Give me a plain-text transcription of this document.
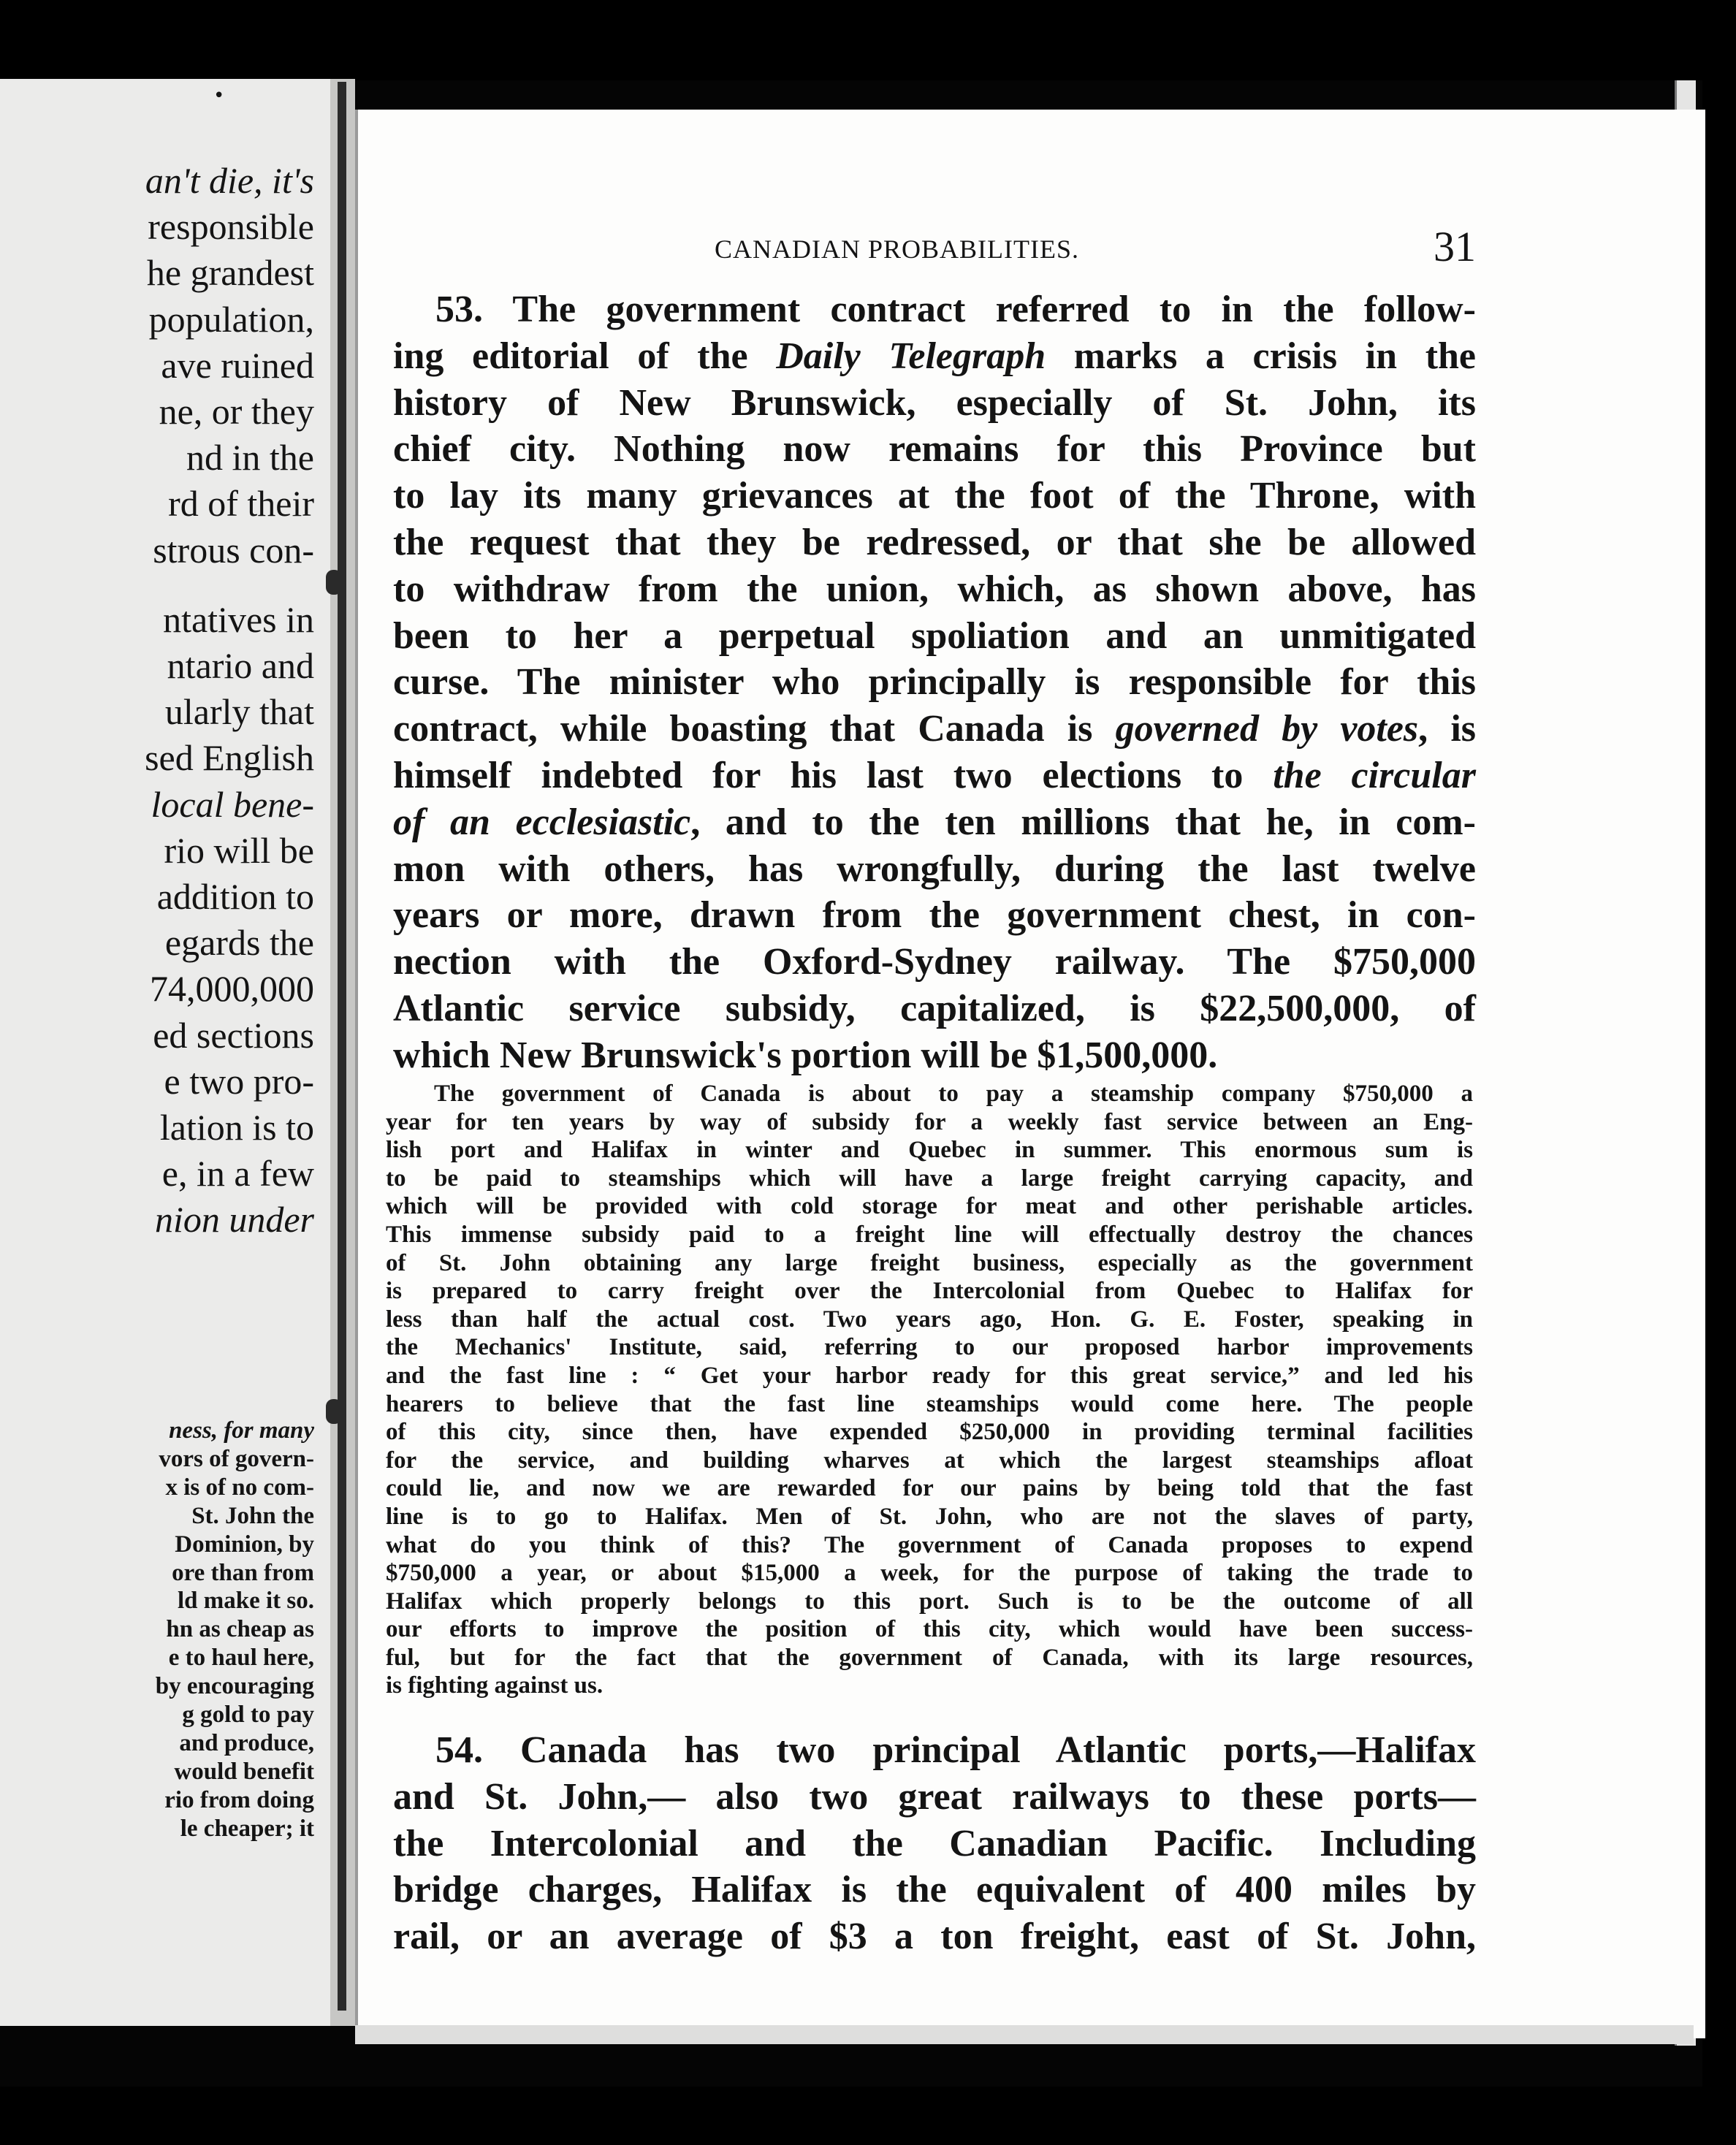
•
an't die, it's
responsible
he grandest
population,
ave ruined
ne, or they
nd in the
rd of their
strous con-
ntatives in
ntario and
ularly that
sed English
local bene-
rio will be
addition to
egards the
74,000,000
ed sections
e two pro-
lation is to
e, in a few
nion under
ness, for many
vors of govern-
x is of no com-
St. John the
Dominion, by
ore than from
ld make it so.
hn as cheap as
e to haul here,
by encouraging
g gold to pay
and produce,
would benefit
rio from doing
le cheaper; it
CANADIAN PROBABILITIES.	31
53. The government contract referred to in the follow-
ing editorial of the Daily Telegraph marks a crisis in the
history of New Brunswick, especially of St. John, its
chief city. Nothing now remains for this Province but
to lay its many grievances at the foot of the Throne, with
the request that they be redressed, or that she be allowed
to withdraw from the union, which, as shown above, has
been to her a perpetual spoliation and an unmitigated
curse. The minister who principally is responsible for this
contract, while boasting that Canada is governed by votes, is
himself indebted for his last two elections to the circular
of an ecclesiastic, and to the ten millions that he, in com-
mon with others, has wrongfully, during the last twelve
years or more, drawn from the government chest, in con-
nection with the Oxford-Sydney railway. The $750,000
Atlantic service subsidy, capitalized, is $22,500,000, of
which New Brunswick's portion will be $1,500,000.
The government of Canada is about to pay a steamship company $750,000 a
year for ten years by way of subsidy for a weekly fast service between an Eng-
lish port and Halifax in winter and Quebec in summer. This enormous sum is
to be paid to steamships which will have a large freight carrying capacity, and
which will be provided with cold storage for meat and other perishable articles.
This immense subsidy paid to a freight line will effectually destroy the chances
of St. John obtaining any large freight business, especially as the government
is prepared to carry freight over the Intercolonial from Quebec to Halifax for
less than half the actual cost. Two years ago, Hon. G. E. Foster, speaking in
the Mechanics' Institute, said, referring to our proposed harbor improvements
and the fast line : “ Get your harbor ready for this great service,” and led his
hearers to believe that the fast line steamships would come here. The people
of this city, since then, have expended $250,000 in providing terminal facilities
for the service, and building wharves at which the largest steamships afloat
could lie, and now we are rewarded for our pains by being told that the fast
line is to go to Halifax. Men of St. John, who are not the slaves of party,
what do you think of this? The government of Canada proposes to expend
$750,000 a year, or about $15,000 a week, for the purpose of taking the trade to
Halifax which properly belongs to this port. Such is to be the outcome of all
our efforts to improve the position of this city, which would have been success-
ful, but for the fact that the government of Canada, with its large resources,
is fighting against us.
54. Canada has two principal Atlantic ports,—Halifax
and St. John,— also two great railways to these ports—
the Intercolonial and the Canadian Pacific. Including
bridge charges, Halifax is the equivalent of 400 miles by
rail, or an average of $3 a ton freight, east of St. John,
